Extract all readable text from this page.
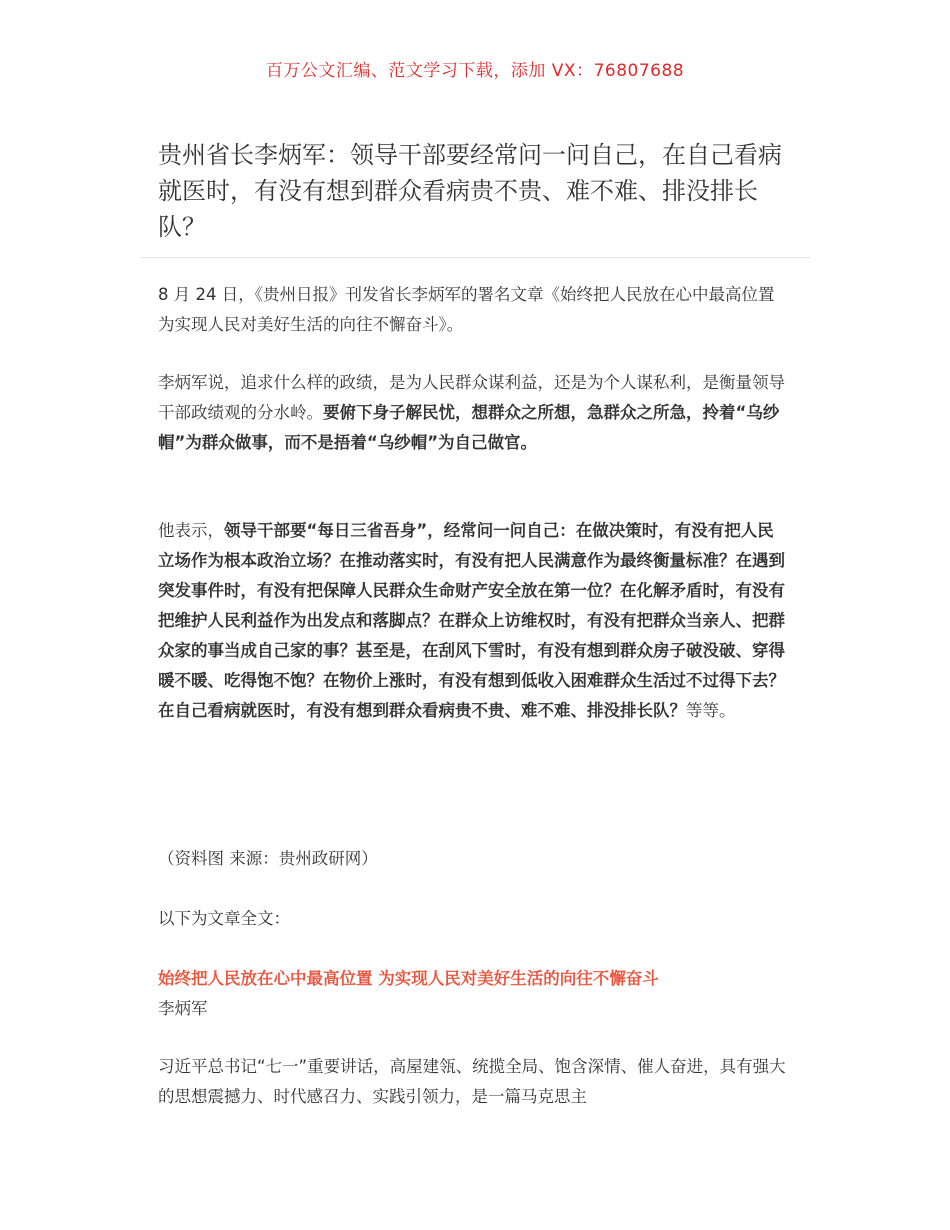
百万公文汇编、范文学习下载，添加 VX：76807688
贵州省长李炳军：领导干部要经常问一问自己，在自己看病就医时，有没有想到群众看病贵不贵、难不难、排没排长队？

8 月 24 日，《贵州日报》刊发省长李炳军的署名文章《始终把人民放在心中最高位置 为实现人民对美好生活的向往不懈奋斗》。

李炳军说，追求什么样的政绩，是为人民群众谋利益，还是为个人谋私利，是衡量领导干部政绩观的分水岭。要俯下身子解民忧，想群众之所想，急群众之所急，拎着“乌纱帽”为群众做事，而不是捂着“乌纱帽”为自己做官。

他表示，领导干部要“每日三省吾身”，经常问一问自己：在做决策时，有没有把人民立场作为根本政治立场？在推动落实时，有没有把人民满意作为最终衡量标准？在遇到突发事件时，有没有把保障人民群众生命财产安全放在第一位？在化解矛盾时，有没有把维护人民利益作为出发点和落脚点？在群众上访维权时，有没有把群众当亲人、把群众家的事当成自己家的事？甚至是，在刮风下雪时，有没有想到群众房子破没破、穿得暖不暖、吃得饱不饱？在物价上涨时，有没有想到低收入困难群众生活过不过得下去？在自己看病就医时，有没有想到群众看病贵不贵、难不难、排没排长队？等等。

（资料图 来源：贵州政研网）

以下为文章全文：

始终把人民放在心中最高位置 为实现人民对美好生活的向往不懈奋斗
李炳军

习近平总书记“七一”重要讲话，高屋建瓴、统揽全局、饱含深情、催人奋进，具有强大的思想震撼力、时代感召力、实践引领力，是一篇马克思主
